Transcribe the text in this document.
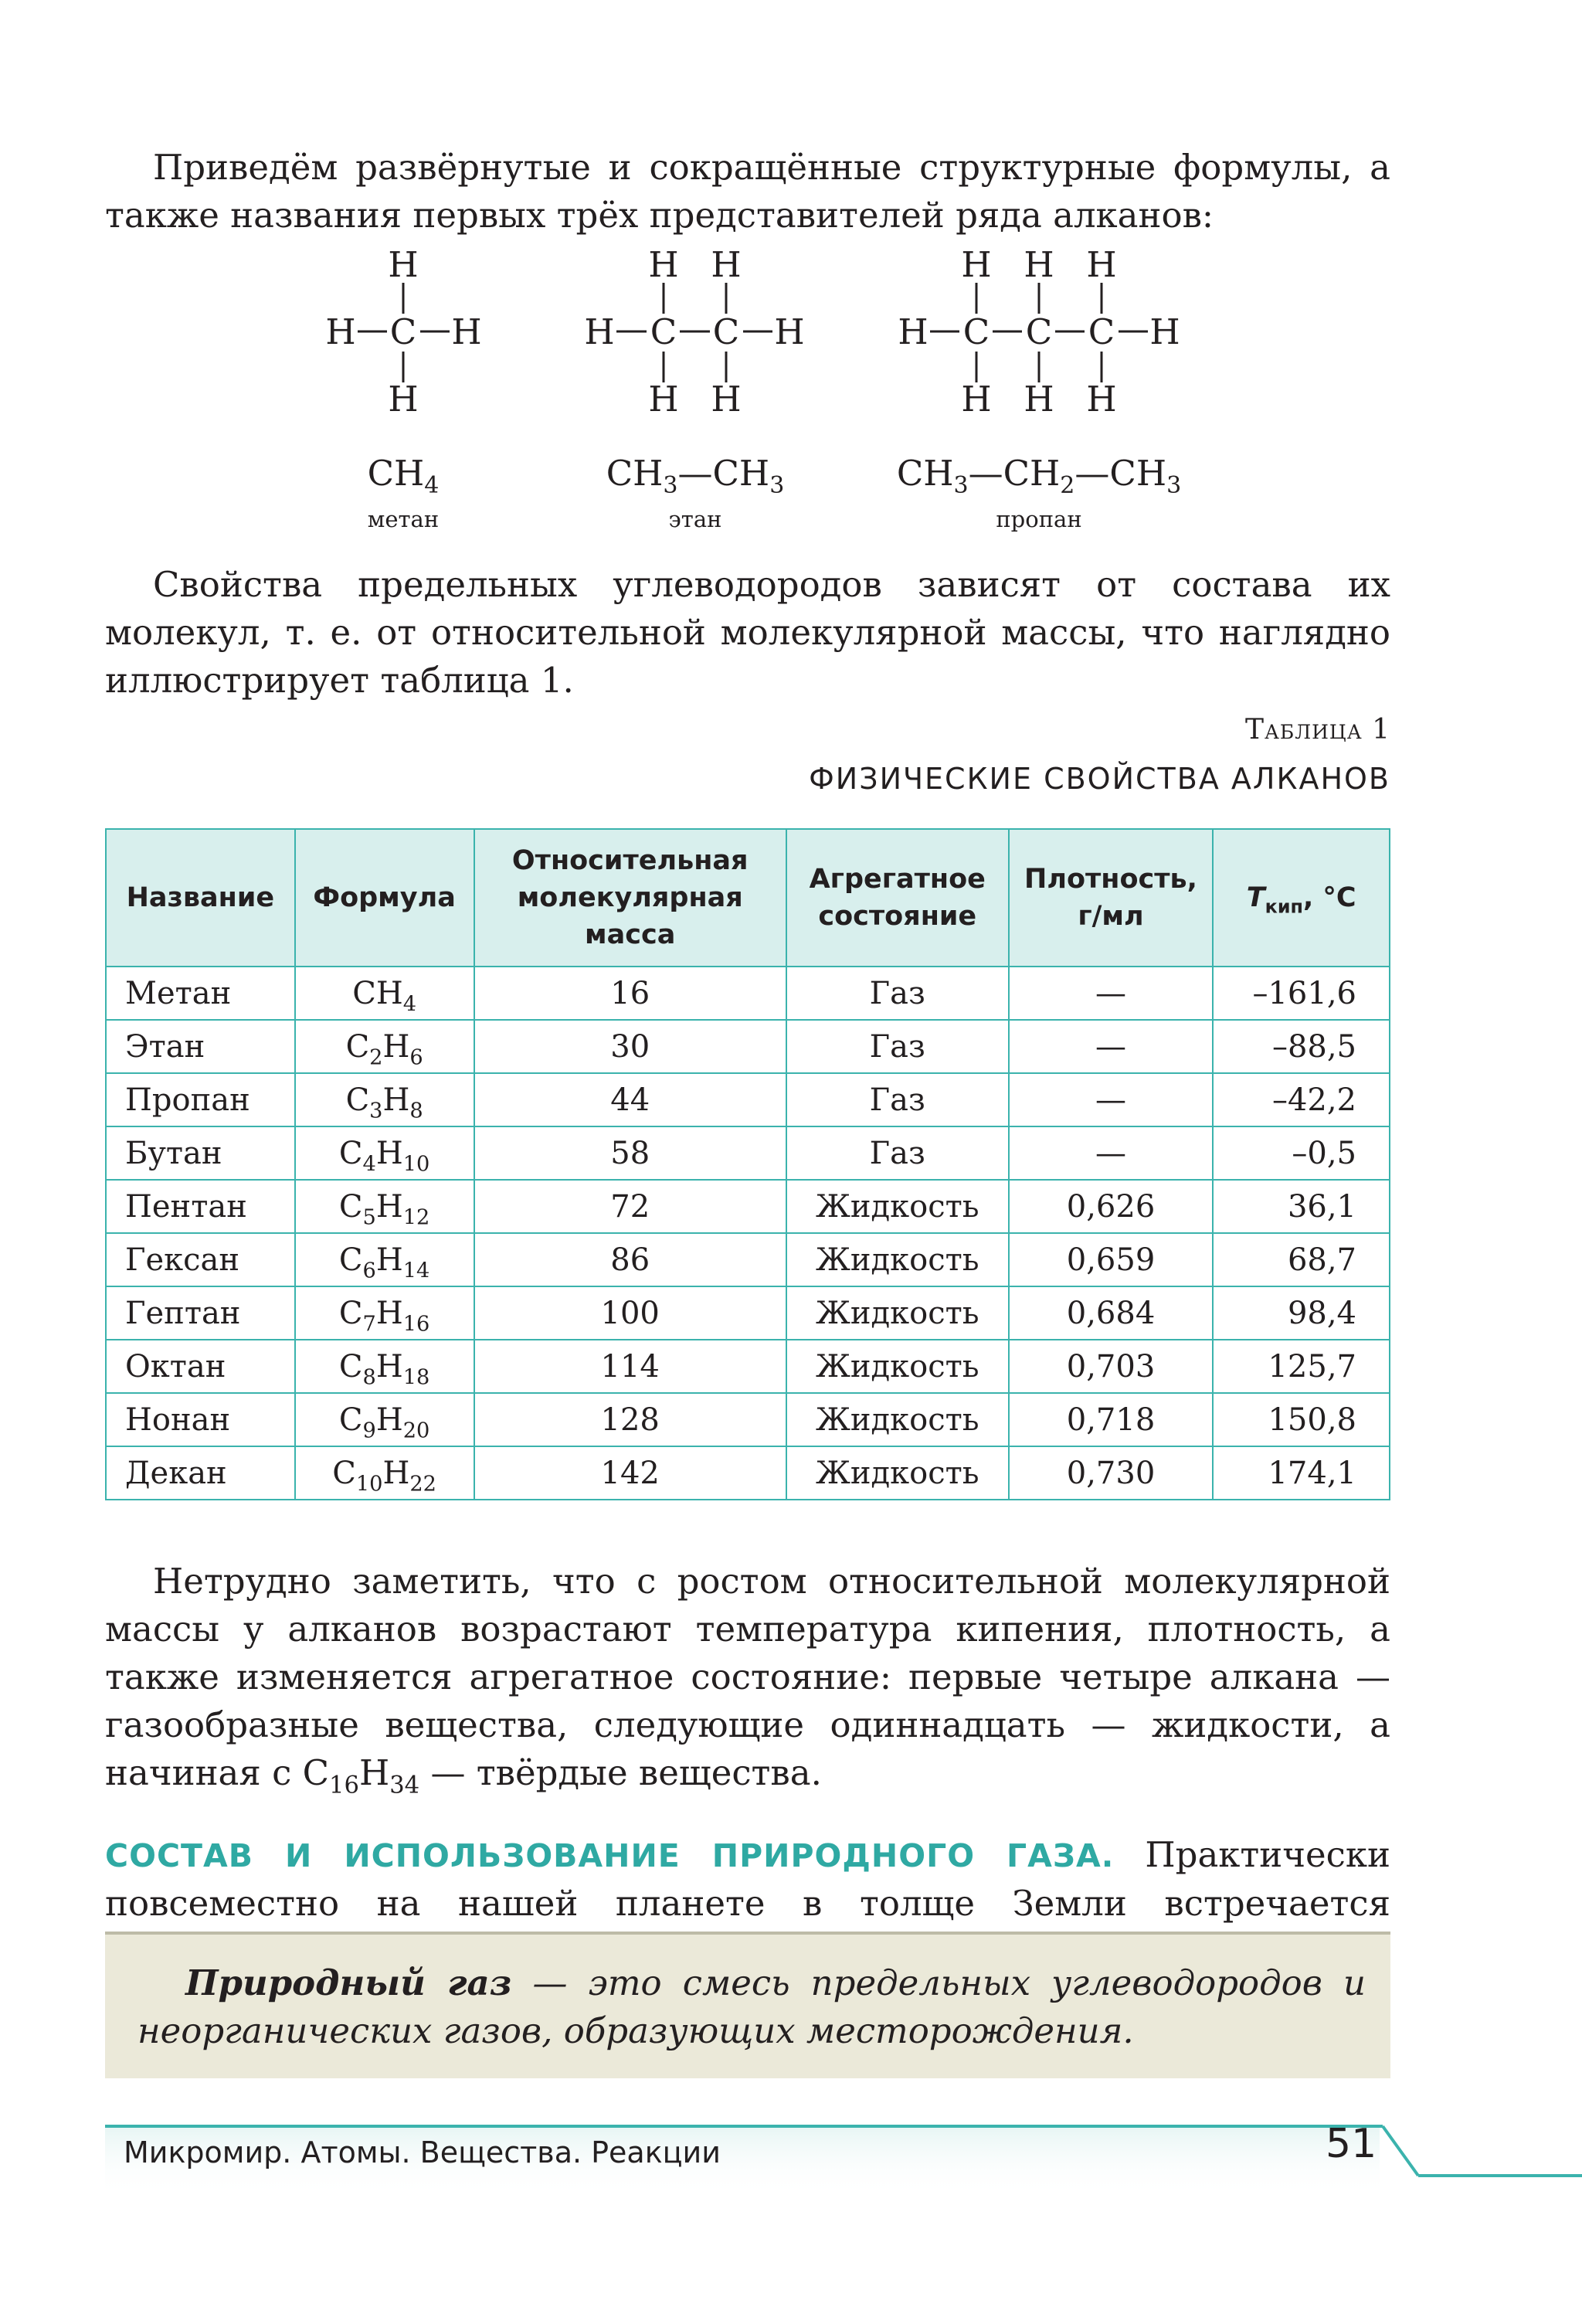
Приведём развёрнутые и сокращённые структурные формулы, а также названия первых трёх представителей ряда алканов:

H
H C H
H
H H
H C C H
H H
H H H
H C C C H
H H H
$CH_4$	$CH_3—CH_3$	$CH_3—CH_2—CH_3$
метан	этан	пропан

Свойства предельных углеводородов зависят от состава их молекул, т. е. от относительной молекулярной массы, что наглядно иллюстрирует таблица 1.

Таблица 1
ФИЗИЧЕСКИЕ СВОЙСТВА АЛКАНОВ
Название	Формула	Относительная молекулярная масса	Агрегатное состояние	Плотность, г/мл	$T_{кип}$, °С
Метан	$CH_4$	16	Газ	—	–161,6
Этан	$C_2H_6$	30	Газ	—	–88,5
Пропан	$C_3H_8$	44	Газ	—	–42,2
Бутан	$C_4H_{10}$	58	Газ	—	–0,5
Пентан	$C_5H_{12}$	72	Жидкость	0,626	36,1
Гексан	$C_6H_{14}$	86	Жидкость	0,659	68,7
Гептан	$C_7H_{16}$	100	Жидкость	0,684	98,4
Октан	$C_8H_{18}$	114	Жидкость	0,703	125,7
Нонан	$C_9H_{20}$	128	Жидкость	0,718	150,8
Декан	$C_{10}H_{22}$	142	Жидкость	0,730	174,1

Нетрудно заметить, что с ростом относительной молекулярной массы у алканов возрастают температура кипения, плотность, а также изменяется агрегатное состояние: первые четыре алкана — газообразные вещества, следующие одиннадцать — жидкости, а начиная с $C_{16}H_{34}$ — твёрдые вещества.

СОСТАВ И ИСПОЛЬЗОВАНИЕ ПРИРОДНОГО ГАЗА. Практически повсеместно на нашей планете в толще Земли встречается

Природный газ — это смесь предельных углеводородов и неорганических газов, образующих месторождения.

Микромир. Атомы. Вещества. Реакции	51
